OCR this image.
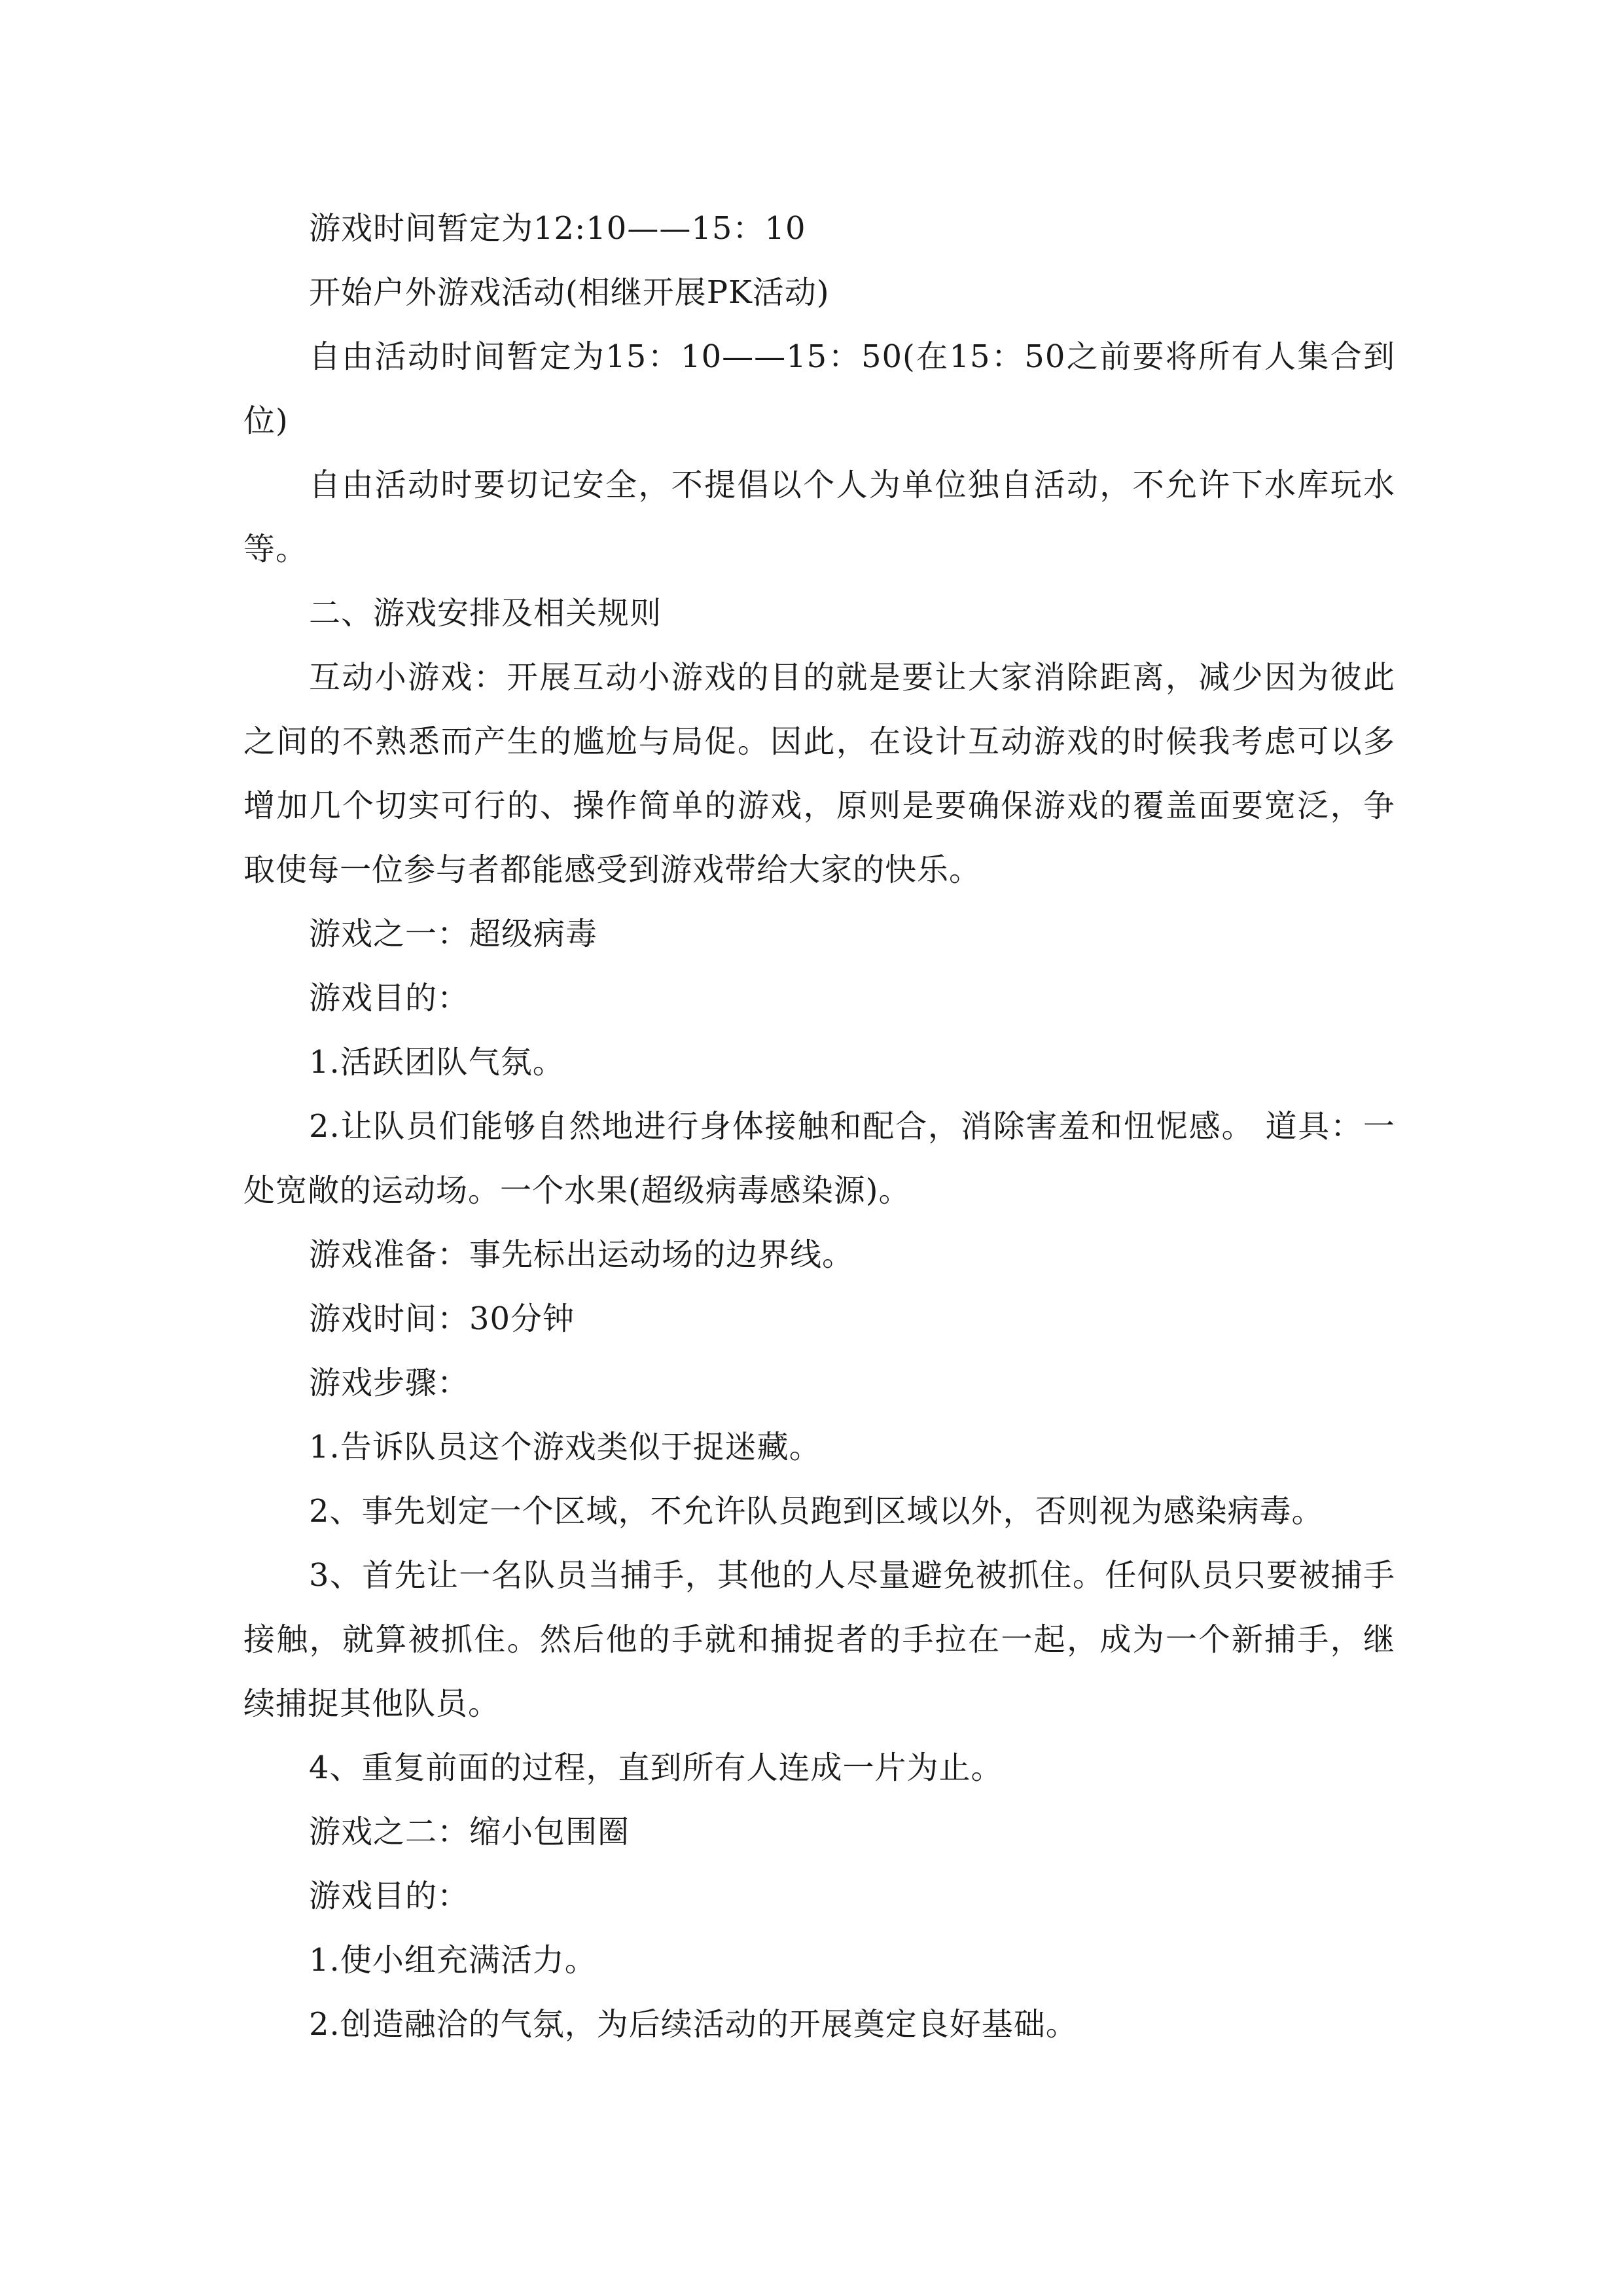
游戏时间暂定为12:10——15：10

开始户外游戏活动(相继开展PK活动)

自由活动时间暂定为15：10——15：50(在15：50之前要将所有人集合到位)

自由活动时要切记安全，不提倡以个人为单位独自活动，不允许下水库玩水等。

二、游戏安排及相关规则

互动小游戏：开展互动小游戏的目的就是要让大家消除距离，减少因为彼此之间的不熟悉而产生的尴尬与局促。因此，在设计互动游戏的时候我考虑可以多增加几个切实可行的、操作简单的游戏，原则是要确保游戏的覆盖面要宽泛，争取使每一位参与者都能感受到游戏带给大家的快乐。

游戏之一：超级病毒

游戏目的：

1.活跃团队气氛。

2.让队员们能够自然地进行身体接触和配合，消除害羞和忸怩感。 道具：一处宽敞的运动场。一个水果(超级病毒感染源)。

游戏准备：事先标出运动场的边界线。

游戏时间：30分钟

游戏步骤：

1.告诉队员这个游戏类似于捉迷藏。

2、事先划定一个区域，不允许队员跑到区域以外，否则视为感染病毒。

3、首先让一名队员当捕手，其他的人尽量避免被抓住。任何队员只要被捕手接触，就算被抓住。然后他的手就和捕捉者的手拉在一起，成为一个新捕手，继续捕捉其他队员。

4、重复前面的过程，直到所有人连成一片为止。

游戏之二：缩小包围圈

游戏目的：

1.使小组充满活力。

2.创造融洽的气氛，为后续活动的开展奠定良好基础。
